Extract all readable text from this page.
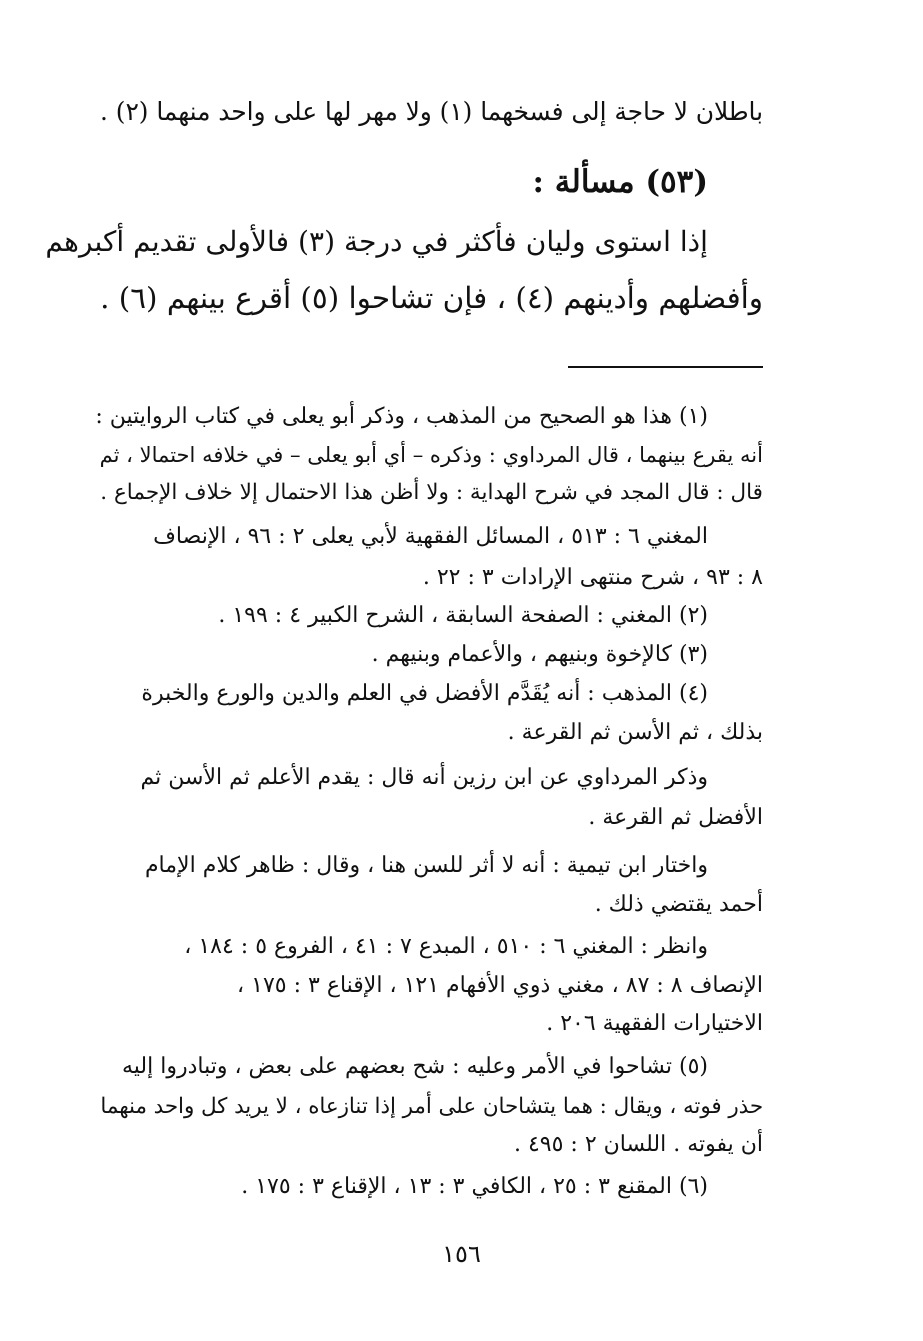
باطلان لا حاجة إلى فسخهما (١) ولا مهر لها على واحد منهما (٢) .
(٥٣) مسألة :
إذا استوى وليان فأكثر في درجة (٣) فالأولى تقديم أكبرهم
وأفضلهم وأدينهم (٤) ، فإن تشاحوا (٥) أقرع بينهم (٦) .
(١) هذا هو الصحيح من المذهب ، وذكر أبو يعلى في كتاب الروايتين :
أنه يقرع بينهما ، قال المرداوي : وذكره – أي أبو يعلى – في خلافه احتمالا ، ثم
قال : قال المجد في شرح الهداية : ولا أظن هذا الاحتمال إلا خلاف الإجماع .
المغني ٦ : ٥١٣ ، المسائل الفقهية لأبي يعلى ٢ : ٩٦ ، الإنصاف
٨ : ٩٣ ، شرح منتهى الإرادات ٣ : ٢٢ .
(٢) المغني : الصفحة السابقة ، الشرح الكبير ٤ : ١٩٩ .
(٣) كالإخوة وبنيهم ، والأعمام وبنيهم .
(٤) المذهب : أنه يُقَدَّم الأفضل في العلم والدين والورع والخبرة
بذلك ، ثم الأسن ثم القرعة .
وذكر المرداوي عن ابن رزين أنه قال : يقدم الأعلم ثم الأسن ثم
الأفضل ثم القرعة .
واختار ابن تيمية : أنه لا أثر للسن هنا ، وقال : ظاهر كلام الإمام
أحمد يقتضي ذلك .
وانظر : المغني ٦ : ٥١٠ ، المبدع ٧ : ٤١ ، الفروع ٥ : ١٨٤ ،
الإنصاف ٨ : ٨٧ ، مغني ذوي الأفهام ١٢١ ، الإقناع ٣ : ١٧٥ ،
الاختيارات الفقهية ٢٠٦ .
(٥) تشاحوا في الأمر وعليه : شح بعضهم على بعض ، وتبادروا إليه
حذر فوته ، ويقال : هما يتشاحان على أمر إذا تنازعاه ، لا يريد كل واحد منهما
أن يفوته . اللسان ٢ : ٤٩٥ .
(٦) المقنع ٣ : ٢٥ ، الكافي ٣ : ١٣ ، الإقناع ٣ : ١٧٥ .
١٥٦
